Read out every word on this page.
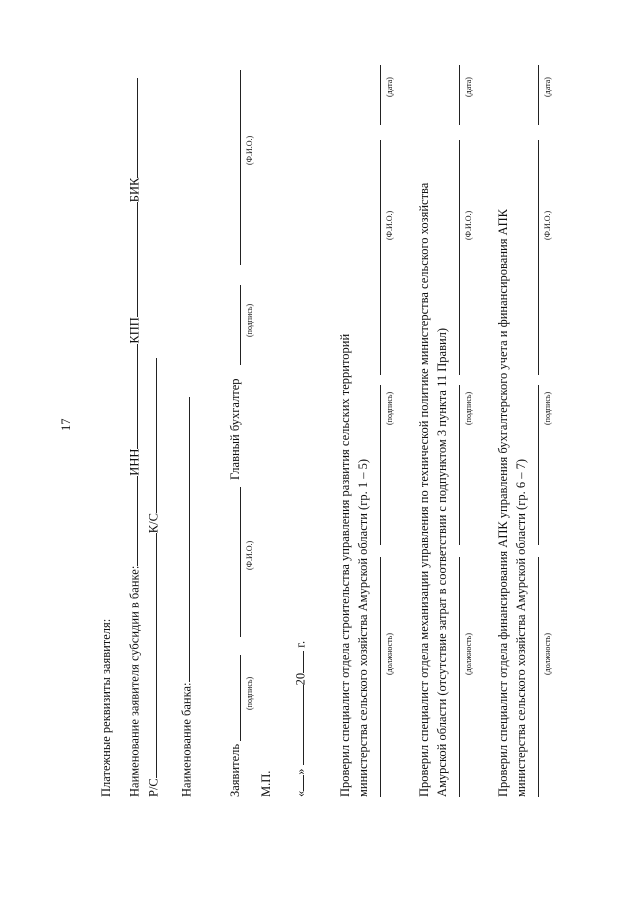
17
Платежные реквизиты заявителя: Наименование заявителя субсидии в банке:ИННКППБИК
Р/СК/С
Наименование банка:	Заявитель
Главный бухгалтер
(подпись)
(Ф.И.О.)
(подпись)
(Ф.И.О.)
М.П. «» 20 г. Проверил специалист отдела строительства управления развития сельских территорий министерства сельского хозяйства Амурской области (гр. 1 – 5) (должность)
(подпись)
(Ф.И.О.)
(дата)
Проверил специалист отдела механизации управления по технической политике министерства сельского хозяйства Амурской области (отсутствие затрат в соответствии с подпунктом 3 пункта 11 Правил) (должность)
(подпись)
(Ф.И.О.)
(дата)
Проверил специалист отдела финансирования АПК управления бухгалтерского учета и финансирования АПК министерства сельского хозяйства Амурской области (гр. 6 – 7) (должность)
(подпись)
(Ф.И.О.)
(дата)
